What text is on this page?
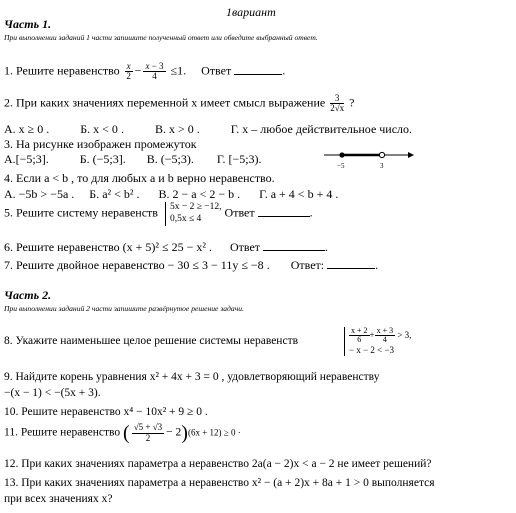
1вариант
Часть 1.
При выполнении заданий 1 части запишите полученный ответ или обведите выбранный ответ.
1. Решите неравенство $\frac{x}{2} - \frac{x - 3}{4} \le 1$. Ответ	.
2. При каких значениях переменной х имеет смысл выражение $\frac{3}{2√x}$ ?
А. x ≥ 0 . Б. x < 0 . В. x > 0 . Г. х – любое действительное число.
3. На рисунке изображен промежуток
А.[−5;3]. Б. (−5;3]. В. (−5;3). Г. [−5;3).	−5	3
4. Если a < b , то для любых a и b верно неравенство.
А. −5b > −5a . Б. a² < b² . В. 2 − a < 2 − b . Г. a + 4 < b + 4 .
5. Решите систему неравенств 5x − 2 ≥ −12,
0,5x ≤ 4 Ответ	.
6. Решите неравенство (x + 5)² ≤ 25 − x² .      Ответ	.
7. Решите двойное неравенство − 30 ≤ 3 − 11y ≤ −8 .       Ответ:	.
Часть 2.
При выполнении заданий 2 части запишите развёрнутое решение задачи.
8. Укажите наименьшее целое решение системы неравенств	$\frac{x + 2}{6} + \frac{x + 3}{4} > 3$,
− x − 2 < −3
9. Найдите корень уравнения x² + 4x + 3 = 0 , удовлетворяющий неравенству
−(x − 1) < −(5x + 3).
10. Решите неравенство x⁴ − 10x² + 9 ≥ 0 .
11. Решите неравенство ( $\frac{√5 + √3}{2} - 2)(6x + 12) \ge 0$ ·
12. При каких значениях параметра a неравенство 2a(a − 2)x < a − 2 не имеет решений?
13. При каких значениях параметра a неравенство x² − (a + 2)x + 8a + 1 > 0 выполняется
при всех значениях x?
